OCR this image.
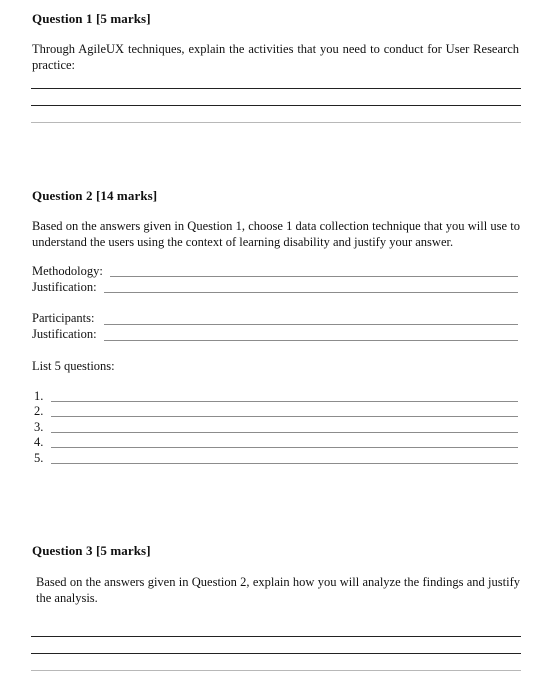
Question 1 [5 marks]
Through AgileUX techniques, explain the activities that you need to conduct for User Research practice:
Question 2 [14 marks]
Based on the answers given in Question 1, choose 1 data collection technique that you will use to understand the users using the context of learning disability and justify your answer.
Methodology:
Justification:
Participants:
Justification:
List 5 questions:
1.
2.
3.
4.
5.
Question 3 [5 marks]
Based on the answers given in Question 2, explain how you will analyze the findings and justify the analysis.
